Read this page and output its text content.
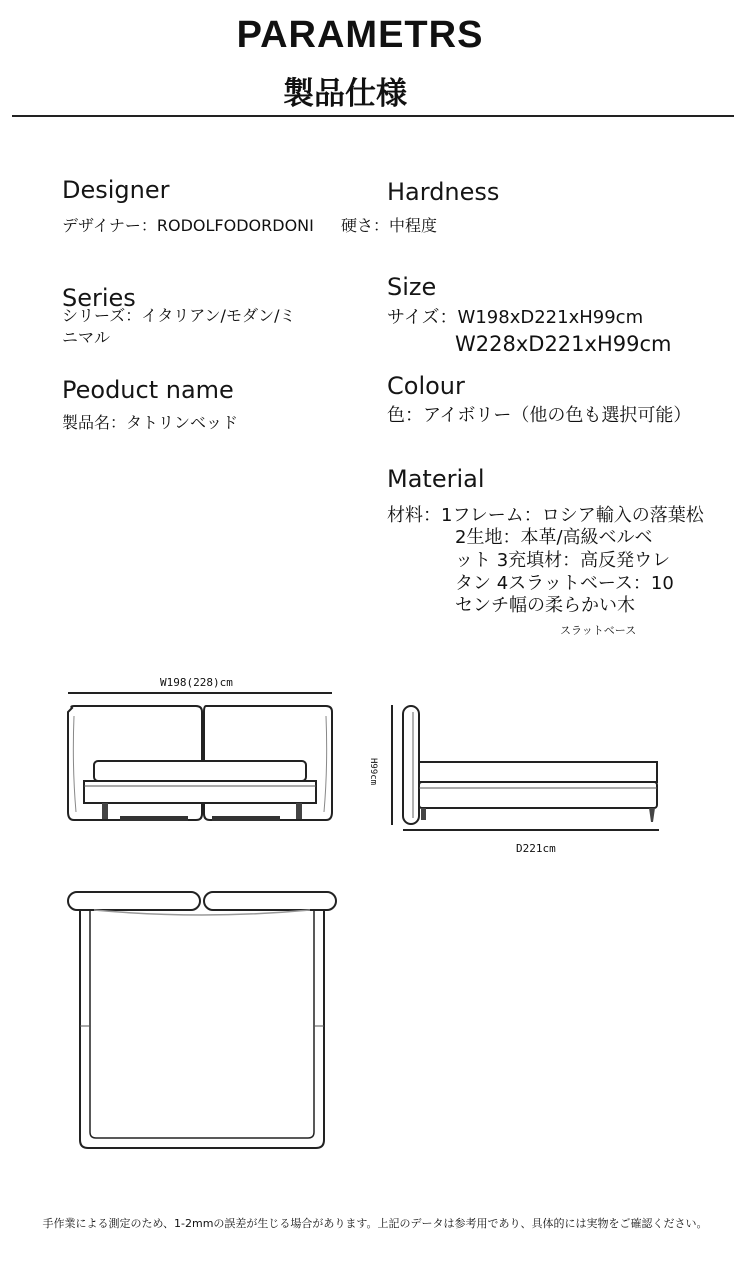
PARAMETRS
製品仕様
Designer
デザイナー：RODOLFODORDONI
Series
シリーズ：イタリアン/モダン/ミ
ニマル
Peoduct name
製品名：タトリンベッド
Hardness
硬さ：中程度
Size
サイズ：W198xD221xH99cm
W228xD221xH99cm
Colour
色：アイボリー（他の色も選択可能）
Material
材料：1フレーム：ロシア輸入の落葉松
2生地：本革/高級ベルベ
ット 3充填材：高反発ウレ
タン 4スラットベース：10
センチ幅の柔らかい木
スラットベース
W198(228)cm
D221cm
H99cm
手作業による測定のため、1-2mmの誤差が生じる場合があります。上記のデータは参考用であり、具体的には実物をご確認ください。
